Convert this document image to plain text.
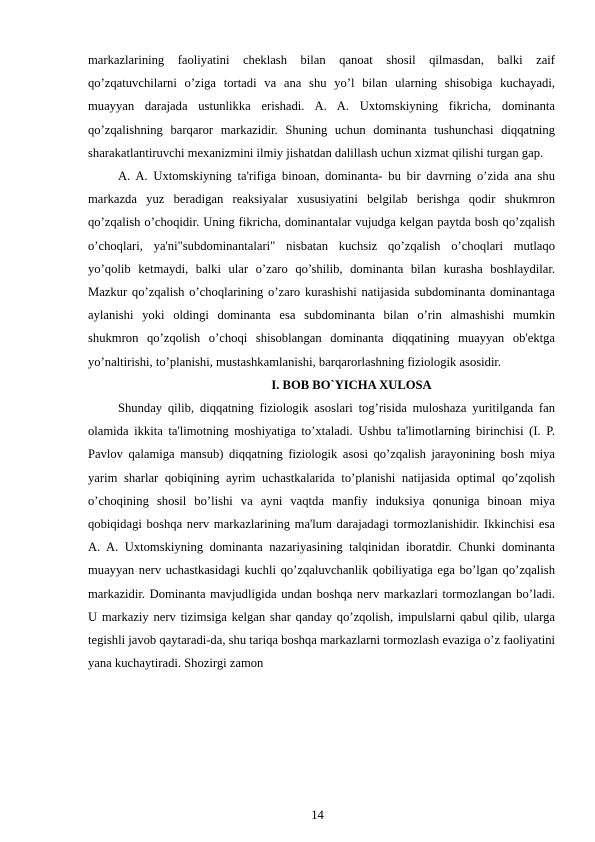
markazlarining faoliyatini cheklash bilan qanoat shosil qilmasdan, balki zaif qo’zqatuvchilarni o’ziga tortadi va ana shu yo’l bilan ularning shisobiga kuchayadi, muayyan darajada ustunlikka erishadi. A. A. Uxtomskiyning fikricha, dominanta qo’zqalishning barqaror markazidir. Shuning uchun dominanta tushunchasi diqqatning sharakatlantiruvchi mexanizmini ilmiy jishatdan dalillash uchun xizmat qilishi turgan gap.

A. A. Uxtomskiyning ta'rifiga binoan, dominanta- bu bir davrning o’zida ana shu markazda yuz beradigan reaksiyalar xususiyatini belgilab berishga qodir shukmron qo’zqalish o’choqidir. Uning fikricha, dominantalar vujudga kelgan paytda bosh qo’zqalish o’choqlari, ya'ni"subdominantalari" nisbatan kuchsiz qo’zqalish o’choqlari mutlaqo yo’qolib ketmaydi, balki ular o’zaro qo’shilib, dominanta bilan kurasha boshlaydilar. Mazkur qo’zqalish o’choqlarining o’zaro kurashishi natijasida subdominanta dominantaga aylanishi yoki oldingi dominanta esa subdominanta bilan o’rin almashishi mumkin shukmron qo’zqolish o’choqi shisoblangan dominanta diqqatining muayyan ob'ektga yo’naltirishi, to’planishi, mustashkamlanishi, barqarorlashning fiziologik asosidir.

I. BOB BO`YICHA XULOSA

Shunday qilib, diqqatning fiziologik asoslari tog’risida muloshaza yuritilganda fan olamida ikkita ta'limotning moshiyatiga to’xtaladi. Ushbu ta'limotlarning birinchisi (I. P. Pavlov qalamiga mansub) diqqatning fiziologik asosi qo’zqalish jarayonining bosh miya yarim sharlar qobiqining ayrim uchastkalarida to’planishi natijasida optimal qo’zqolish o’choqining shosil bo’lishi va ayni vaqtda manfiy induksiya qonuniga binoan miya qobiqidagi boshqa nerv markazlarining ma'lum darajadagi tormozlanishidir. Ikkinchisi esa A. A. Uxtomskiyning dominanta nazariyasining talqinidan iboratdir. Chunki dominanta muayyan nerv uchastkasidagi kuchli qo’zqaluvchanlik qobiliyatiga ega bo’lgan qo’zqalish markazidir. Dominanta mavjudligida undan boshqa nerv markazlari tormozlangan bo’ladi. U markaziy nerv tizimsiga kelgan shar qanday qo’zqolish, impulslarni qabul qilib, ularga tegishli javob qaytaradi-da, shu tariqa boshqa markazlarni tormozlash evaziga o’z faoliyatini yana kuchaytiradi. Shozirgi zamon

14
